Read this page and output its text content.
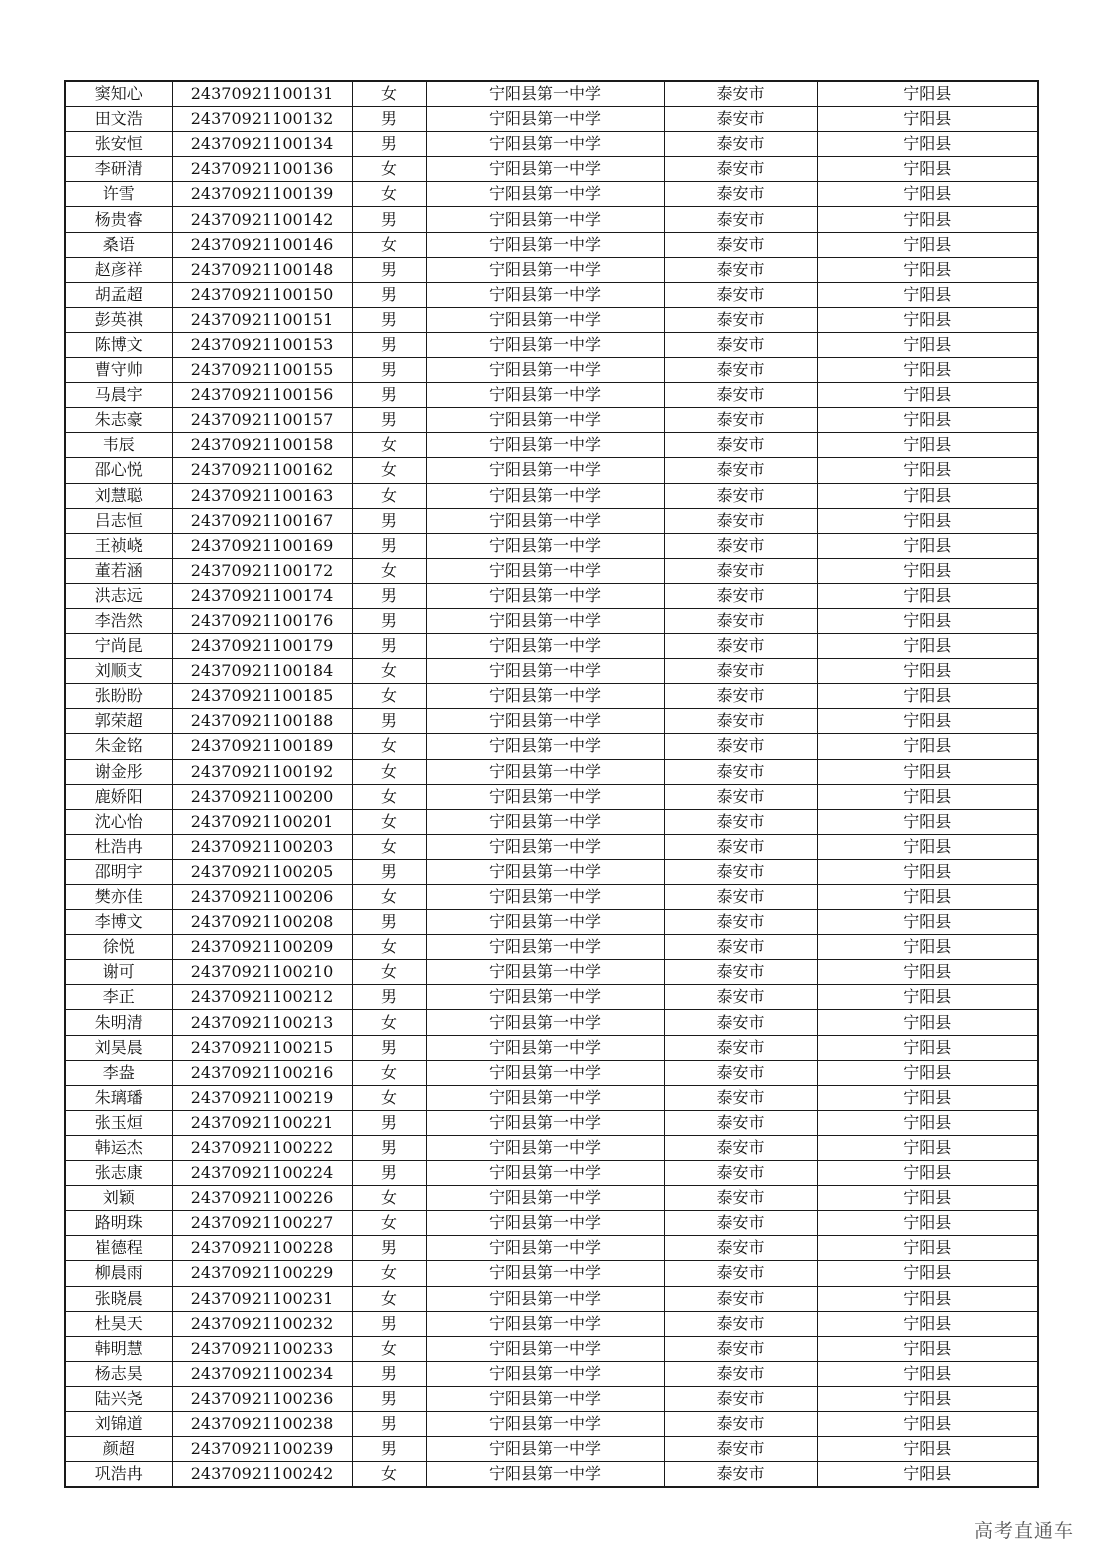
窦知心	24370921100131	女	宁阳县第一中学	泰安市	宁阳县
田文浩	24370921100132	男	宁阳县第一中学	泰安市	宁阳县
张安恒	24370921100134	男	宁阳县第一中学	泰安市	宁阳县
李研清	24370921100136	女	宁阳县第一中学	泰安市	宁阳县
许雪	24370921100139	女	宁阳县第一中学	泰安市	宁阳县
杨贵睿	24370921100142	男	宁阳县第一中学	泰安市	宁阳县
桑语	24370921100146	女	宁阳县第一中学	泰安市	宁阳县
赵彦祥	24370921100148	男	宁阳县第一中学	泰安市	宁阳县
胡孟超	24370921100150	男	宁阳县第一中学	泰安市	宁阳县
彭英祺	24370921100151	男	宁阳县第一中学	泰安市	宁阳县
陈博文	24370921100153	男	宁阳县第一中学	泰安市	宁阳县
曹守帅	24370921100155	男	宁阳县第一中学	泰安市	宁阳县
马晨宇	24370921100156	男	宁阳县第一中学	泰安市	宁阳县
朱志豪	24370921100157	男	宁阳县第一中学	泰安市	宁阳县
韦辰	24370921100158	女	宁阳县第一中学	泰安市	宁阳县
邵心悦	24370921100162	女	宁阳县第一中学	泰安市	宁阳县
刘慧聪	24370921100163	女	宁阳县第一中学	泰安市	宁阳县
吕志恒	24370921100167	男	宁阳县第一中学	泰安市	宁阳县
王祯峣	24370921100169	男	宁阳县第一中学	泰安市	宁阳县
董若涵	24370921100172	女	宁阳县第一中学	泰安市	宁阳县
洪志远	24370921100174	男	宁阳县第一中学	泰安市	宁阳县
李浩然	24370921100176	男	宁阳县第一中学	泰安市	宁阳县
宁尚昆	24370921100179	男	宁阳县第一中学	泰安市	宁阳县
刘顺支	24370921100184	女	宁阳县第一中学	泰安市	宁阳县
张盼盼	24370921100185	女	宁阳县第一中学	泰安市	宁阳县
郭荣超	24370921100188	男	宁阳县第一中学	泰安市	宁阳县
朱金铭	24370921100189	女	宁阳县第一中学	泰安市	宁阳县
谢金彤	24370921100192	女	宁阳县第一中学	泰安市	宁阳县
鹿娇阳	24370921100200	女	宁阳县第一中学	泰安市	宁阳县
沈心怡	24370921100201	女	宁阳县第一中学	泰安市	宁阳县
杜浩冉	24370921100203	女	宁阳县第一中学	泰安市	宁阳县
邵明宇	24370921100205	男	宁阳县第一中学	泰安市	宁阳县
樊亦佳	24370921100206	女	宁阳县第一中学	泰安市	宁阳县
李博文	24370921100208	男	宁阳县第一中学	泰安市	宁阳县
徐悦	24370921100209	女	宁阳县第一中学	泰安市	宁阳县
谢可	24370921100210	女	宁阳县第一中学	泰安市	宁阳县
李正	24370921100212	男	宁阳县第一中学	泰安市	宁阳县
朱明清	24370921100213	女	宁阳县第一中学	泰安市	宁阳县
刘昊晨	24370921100215	男	宁阳县第一中学	泰安市	宁阳县
李盎	24370921100216	女	宁阳县第一中学	泰安市	宁阳县
朱璃璠	24370921100219	女	宁阳县第一中学	泰安市	宁阳县
张玉烜	24370921100221	男	宁阳县第一中学	泰安市	宁阳县
韩运杰	24370921100222	男	宁阳县第一中学	泰安市	宁阳县
张志康	24370921100224	男	宁阳县第一中学	泰安市	宁阳县
刘颖	24370921100226	女	宁阳县第一中学	泰安市	宁阳县
路明珠	24370921100227	女	宁阳县第一中学	泰安市	宁阳县
崔德程	24370921100228	男	宁阳县第一中学	泰安市	宁阳县
柳晨雨	24370921100229	女	宁阳县第一中学	泰安市	宁阳县
张晓晨	24370921100231	女	宁阳县第一中学	泰安市	宁阳县
杜昊天	24370921100232	男	宁阳县第一中学	泰安市	宁阳县
韩明慧	24370921100233	女	宁阳县第一中学	泰安市	宁阳县
杨志昊	24370921100234	男	宁阳县第一中学	泰安市	宁阳县
陆兴尧	24370921100236	男	宁阳县第一中学	泰安市	宁阳县
刘锦道	24370921100238	男	宁阳县第一中学	泰安市	宁阳县
颜超	24370921100239	男	宁阳县第一中学	泰安市	宁阳县
巩浩冉	24370921100242	女	宁阳县第一中学	泰安市	宁阳县
高考直通车
